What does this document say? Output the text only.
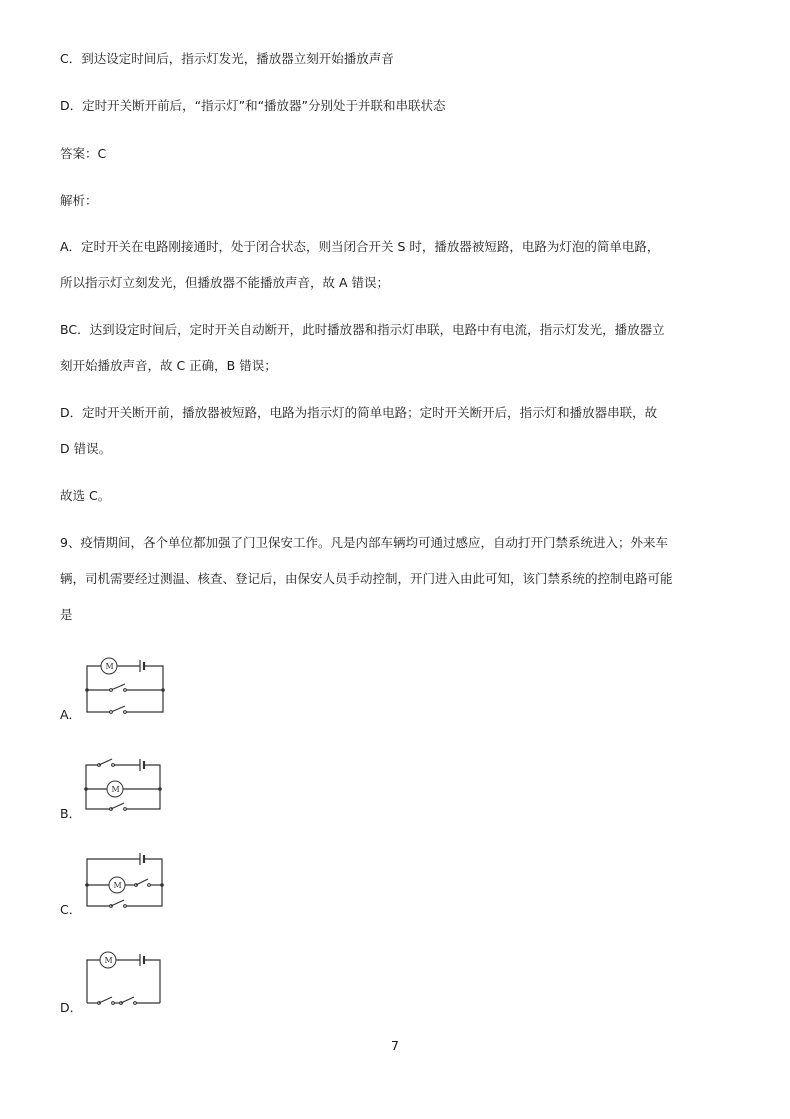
C．到达设定时间后，指示灯发光，播放器立刻开始播放声音
D．定时开关断开前后，“指示灯”和“播放器”分别处于并联和串联状态
答案：C
解析：
A．定时开关在电路刚接通时，处于闭合状态，则当闭合开关 S 时，播放器被短路，电路为灯泡的简单电路，
所以指示灯立刻发光，但播放器不能播放声音，故 A 错误；
BC．达到设定时间后，定时开关自动断开，此时播放器和指示灯串联，电路中有电流，指示灯发光，播放器立
刻开始播放声音，故 C 正确，B 错误；
D．定时开关断开前，播放器被短路，电路为指示灯的简单电路；定时开关断开后，指示灯和播放器串联，故
D 错误。
故选 C。
9、疫情期间，各个单位都加强了门卫保安工作。凡是内部车辆均可通过感应，自动打开门禁系统进入；外来车
辆，司机需要经过测温、核查、登记后，由保安人员手动控制，开门进入由此可知，该门禁系统的控制电路可能
是
A．
M
B．
M
C．
M
D．
M
7
